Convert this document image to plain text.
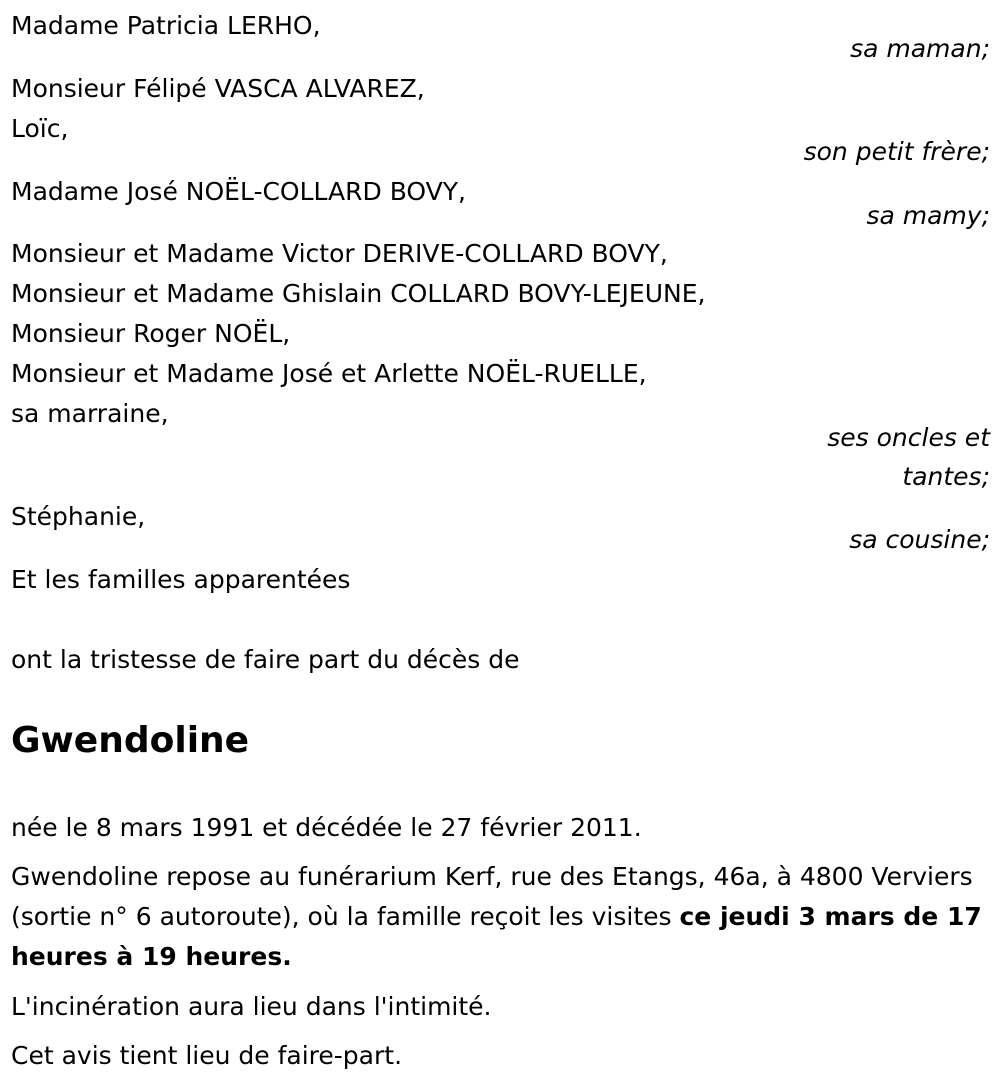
Madame Patricia LERHO,
sa maman;
Monsieur Félipé VASCA ALVAREZ,
Loïc,
son petit frère;
Madame José NOËL-COLLARD BOVY,
sa mamy;
Monsieur et Madame Victor DERIVE-COLLARD BOVY,
Monsieur et Madame Ghislain COLLARD BOVY-LEJEUNE,
Monsieur Roger NOËL,
Monsieur et Madame José et Arlette NOËL-RUELLE,
sa marraine,
ses oncles et
tantes;
Stéphanie,
sa cousine;
Et les familles apparentées
ont la tristesse de faire part du décès de
Gwendoline
née le 8 mars 1991 et décédée le 27 février 2011.
Gwendoline repose au funérarium Kerf, rue des Etangs, 46a, à 4800 Verviers (sortie n° 6 autoroute), où la famille reçoit les visites ce jeudi 3 mars de 17 heures à 19 heures.
L'incinération aura lieu dans l'intimité.
Cet avis tient lieu de faire-part.
